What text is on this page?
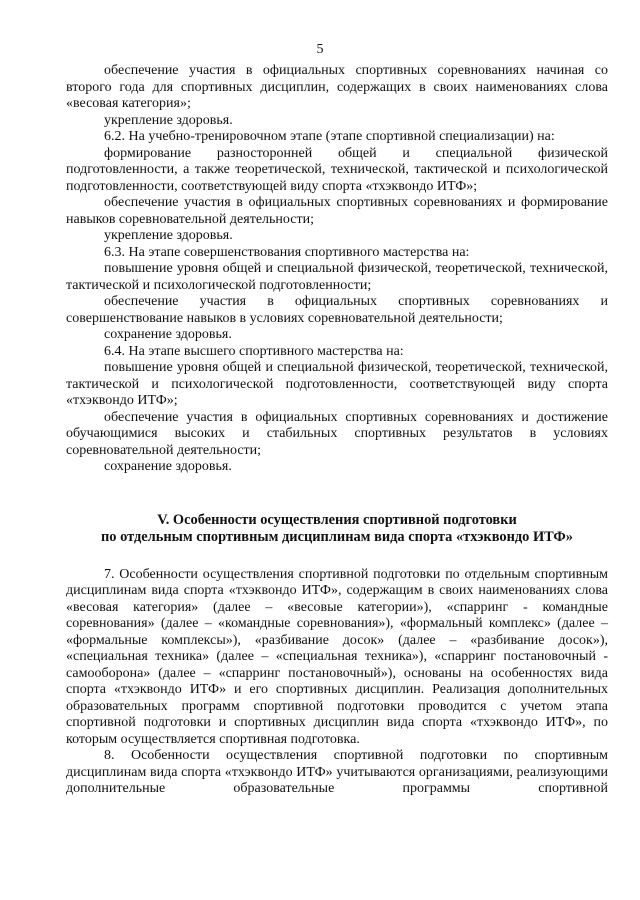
5

обеспечение участия в официальных спортивных соревнованиях начиная со второго года для спортивных дисциплин, содержащих в своих наименованиях слова «весовая категория»;

укрепление здоровья.

6.2. На учебно-тренировочном этапе (этапе спортивной специализации) на:

формирование разносторонней общей и специальной физической подготовленности, а также теоретической, технической, тактической и психологической подготовленности, соответствующей виду спорта «тхэквондо ИТФ»;

обеспечение участия в официальных спортивных соревнованиях и формирование навыков соревновательной деятельности;

укрепление здоровья.

6.3. На этапе совершенствования спортивного мастерства на:

повышение уровня общей и специальной физической, теоретической, технической, тактической и психологической подготовленности;

обеспечение участия в официальных спортивных соревнованиях и совершенствование навыков в условиях соревновательной деятельности;

сохранение здоровья.

6.4. На этапе высшего спортивного мастерства на:

повышение уровня общей и специальной физической, теоретической, технической, тактической и психологической подготовленности, соответствующей виду спорта «тхэквондо ИТФ»;

обеспечение участия в официальных спортивных соревнованиях и достижение обучающимися высоких и стабильных спортивных результатов в условиях соревновательной деятельности;

сохранение здоровья.

V. Особенности осуществления спортивной подготовки
по отдельным спортивным дисциплинам вида спорта «тхэквондо ИТФ»

7. Особенности осуществления спортивной подготовки по отдельным спортивным дисциплинам вида спорта «тхэквондо ИТФ», содержащим в своих наименованиях слова «весовая категория» (далее – «весовые категории»), «спарринг - командные соревнования» (далее – «командные соревнования»), «формальный комплекс» (далее – «формальные комплексы»), «разбивание досок» (далее – «разбивание досок»), «специальная техника» (далее – «специальная техника»), «спарринг постановочный - самооборона» (далее – «спарринг постановочный»), основаны на особенностях вида спорта «тхэквондо ИТФ» и его спортивных дисциплин. Реализация дополнительных образовательных программ спортивной подготовки проводится с учетом этапа спортивной подготовки и спортивных дисциплин вида спорта «тхэквондо ИТФ», по которым осуществляется спортивная подготовка.

8. Особенности осуществления спортивной подготовки по спортивным дисциплинам вида спорта «тхэквондо ИТФ» учитываются организациями, реализующими дополнительные образовательные программы спортивной
